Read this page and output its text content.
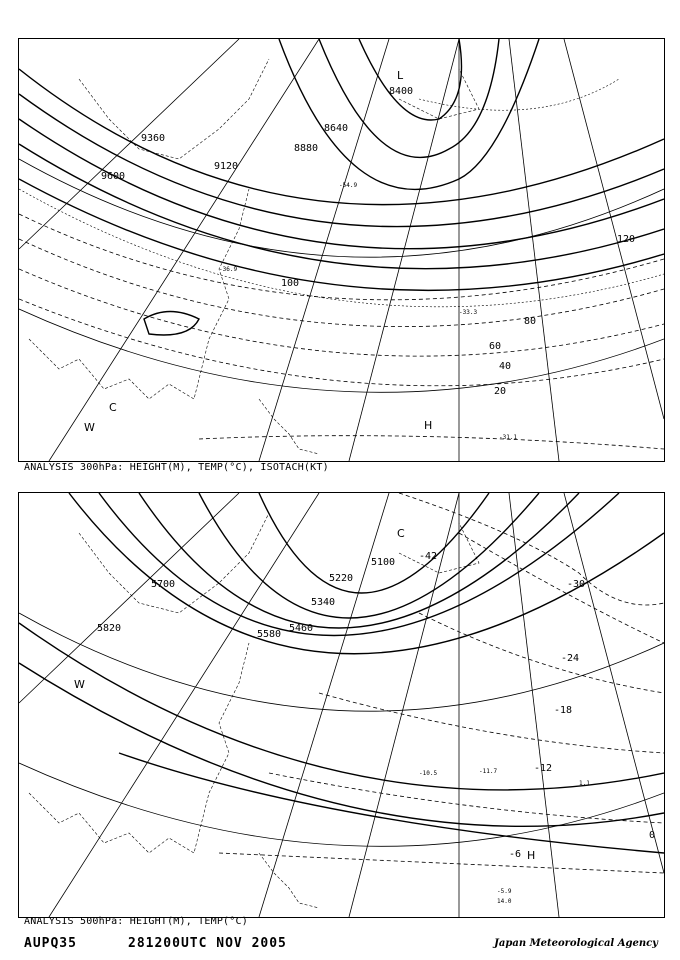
8400
8640
8880
9120
9360
9600
20
40
60
80
100
120
L
H
C
W
-31.1
-33.3
-36.9
-54.9
ANALYSIS 300hPa: HEIGHT(M), TEMP(°C), ISOTACH(KT)
5100
5220
5340
5460
5580
5700
5820
-42
-30
-24
-18
-12
-6
0
C
H
W
-11.7
-10.5
-5.9
14.0
1.1
ANALYSIS 500hPa: HEIGHT(M), TEMP(°C)
AUPQ35	281200UTC NOV 2005	Japan Meteorological Agency
